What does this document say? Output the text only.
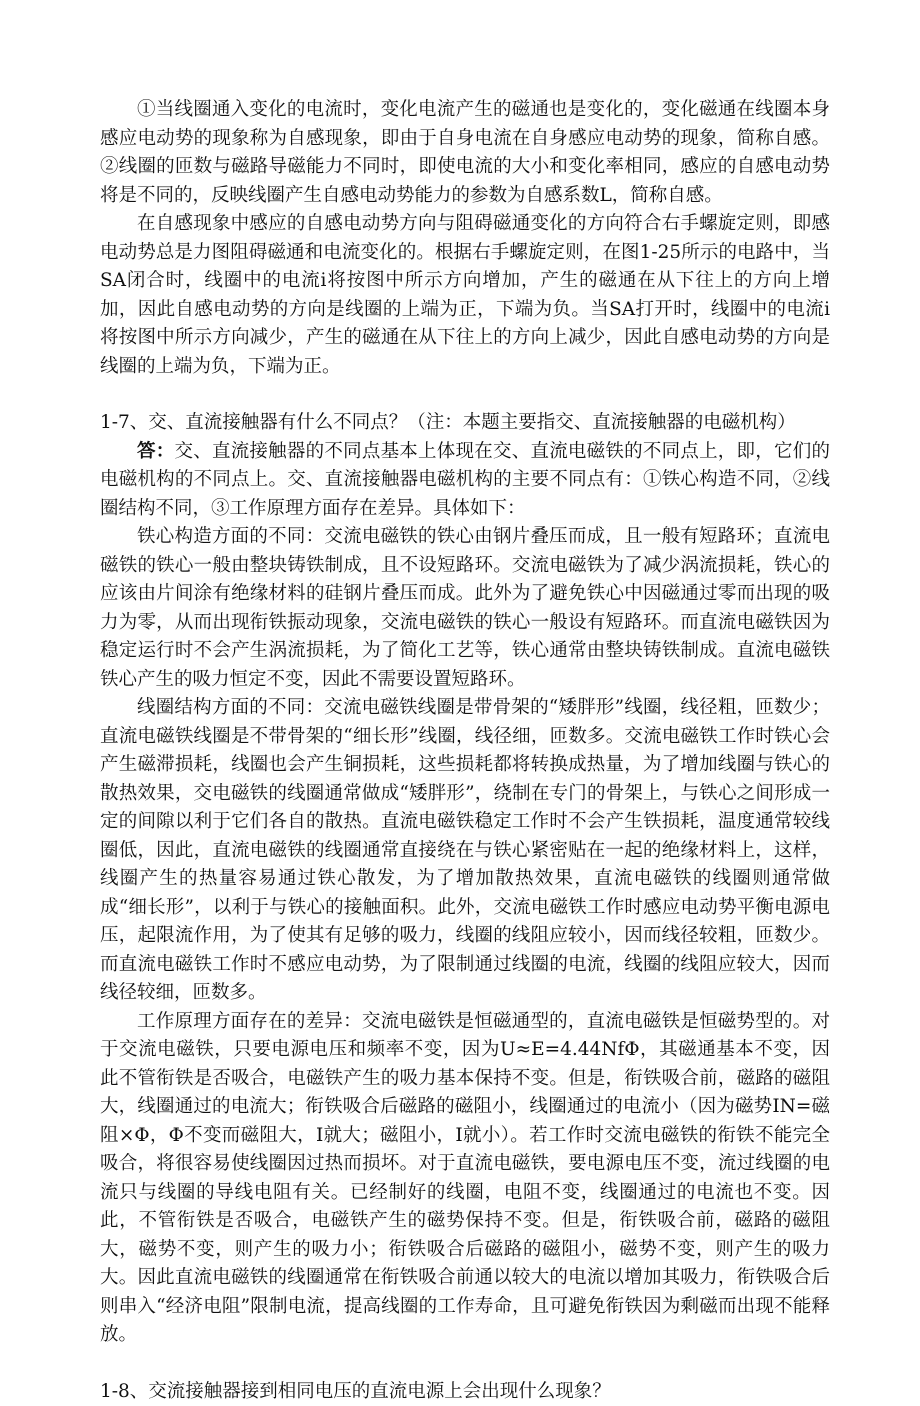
①当线圈通入变化的电流时，变化电流产生的磁通也是变化的，变化磁通在线圈本身感应电动势的现象称为自感现象，即由于自身电流在自身感应电动势的现象，简称自感。②线圈的匝数与磁路导磁能力不同时，即使电流的大小和变化率相同，感应的自感电动势将是不同的，反映线圈产生自感电动势能力的参数为自感系数L，简称自感。

在自感现象中感应的自感电动势方向与阻碍磁通变化的方向符合右手螺旋定则，即感电动势总是力图阻碍磁通和电流变化的。根据右手螺旋定则，在图1-25所示的电路中，当SA闭合时，线圈中的电流i将按图中所示方向增加，产生的磁通在从下往上的方向上增加，因此自感电动势的方向是线圈的上端为正，下端为负。当SA打开时，线圈中的电流i将按图中所示方向减少，产生的磁通在从下往上的方向上减少，因此自感电动势的方向是线圈的上端为负，下端为正。

1-7、交、直流接触器有什么不同点？（注：本题主要指交、直流接触器的电磁机构）

答：交、直流接触器的不同点基本上体现在交、直流电磁铁的不同点上，即，它们的电磁机构的不同点上。交、直流接触器电磁机构的主要不同点有：①铁心构造不同，②线圈结构不同，③工作原理方面存在差异。具体如下：

铁心构造方面的不同：交流电磁铁的铁心由钢片叠压而成，且一般有短路环；直流电磁铁的铁心一般由整块铸铁制成，且不设短路环。交流电磁铁为了减少涡流损耗，铁心的应该由片间涂有绝缘材料的硅钢片叠压而成。此外为了避免铁心中因磁通过零而出现的吸力为零，从而出现衔铁振动现象，交流电磁铁的铁心一般设有短路环。而直流电磁铁因为稳定运行时不会产生涡流损耗，为了简化工艺等，铁心通常由整块铸铁制成。直流电磁铁铁心产生的吸力恒定不变，因此不需要设置短路环。

线圈结构方面的不同：交流电磁铁线圈是带骨架的“矮胖形”线圈，线径粗，匝数少；直流电磁铁线圈是不带骨架的“细长形”线圈，线径细，匝数多。交流电磁铁工作时铁心会产生磁滞损耗，线圈也会产生铜损耗，这些损耗都将转换成热量，为了增加线圈与铁心的散热效果，交电磁铁的线圈通常做成“矮胖形”，绕制在专门的骨架上，与铁心之间形成一定的间隙以利于它们各自的散热。直流电磁铁稳定工作时不会产生铁损耗，温度通常较线圈低，因此，直流电磁铁的线圈通常直接绕在与铁心紧密贴在一起的绝缘材料上，这样，线圈产生的热量容易通过铁心散发，为了增加散热效果，直流电磁铁的线圈则通常做成“细长形”，以利于与铁心的接触面积。此外，交流电磁铁工作时感应电动势平衡电源电压，起限流作用，为了使其有足够的吸力，线圈的线阻应较小，因而线径较粗，匝数少。而直流电磁铁工作时不感应电动势，为了限制通过线圈的电流，线圈的线阻应较大，因而线径较细，匝数多。

工作原理方面存在的差异：交流电磁铁是恒磁通型的，直流电磁铁是恒磁势型的。对于交流电磁铁，只要电源电压和频率不变，因为U≈E=4.44NfΦ，其磁通基本不变，因此不管衔铁是否吸合，电磁铁产生的吸力基本保持不变。但是，衔铁吸合前，磁路的磁阻大，线圈通过的电流大；衔铁吸合后磁路的磁阻小，线圈通过的电流小（因为磁势IN=磁阻×Φ，Φ不变而磁阻大，I就大；磁阻小，I就小）。若工作时交流电磁铁的衔铁不能完全吸合，将很容易使线圈因过热而损坏。对于直流电磁铁，要电源电压不变，流过线圈的电流只与线圈的导线电阻有关。已经制好的线圈，电阻不变，线圈通过的电流也不变。因此，不管衔铁是否吸合，电磁铁产生的磁势保持不变。但是，衔铁吸合前，磁路的磁阻大，磁势不变，则产生的吸力小；衔铁吸合后磁路的磁阻小，磁势不变，则产生的吸力大。因此直流电磁铁的线圈通常在衔铁吸合前通以较大的电流以增加其吸力，衔铁吸合后则串入“经济电阻”限制电流，提高线圈的工作寿命，且可避免衔铁因为剩磁而出现不能释放。

1-8、交流接触器接到相同电压的直流电源上会出现什么现象？
